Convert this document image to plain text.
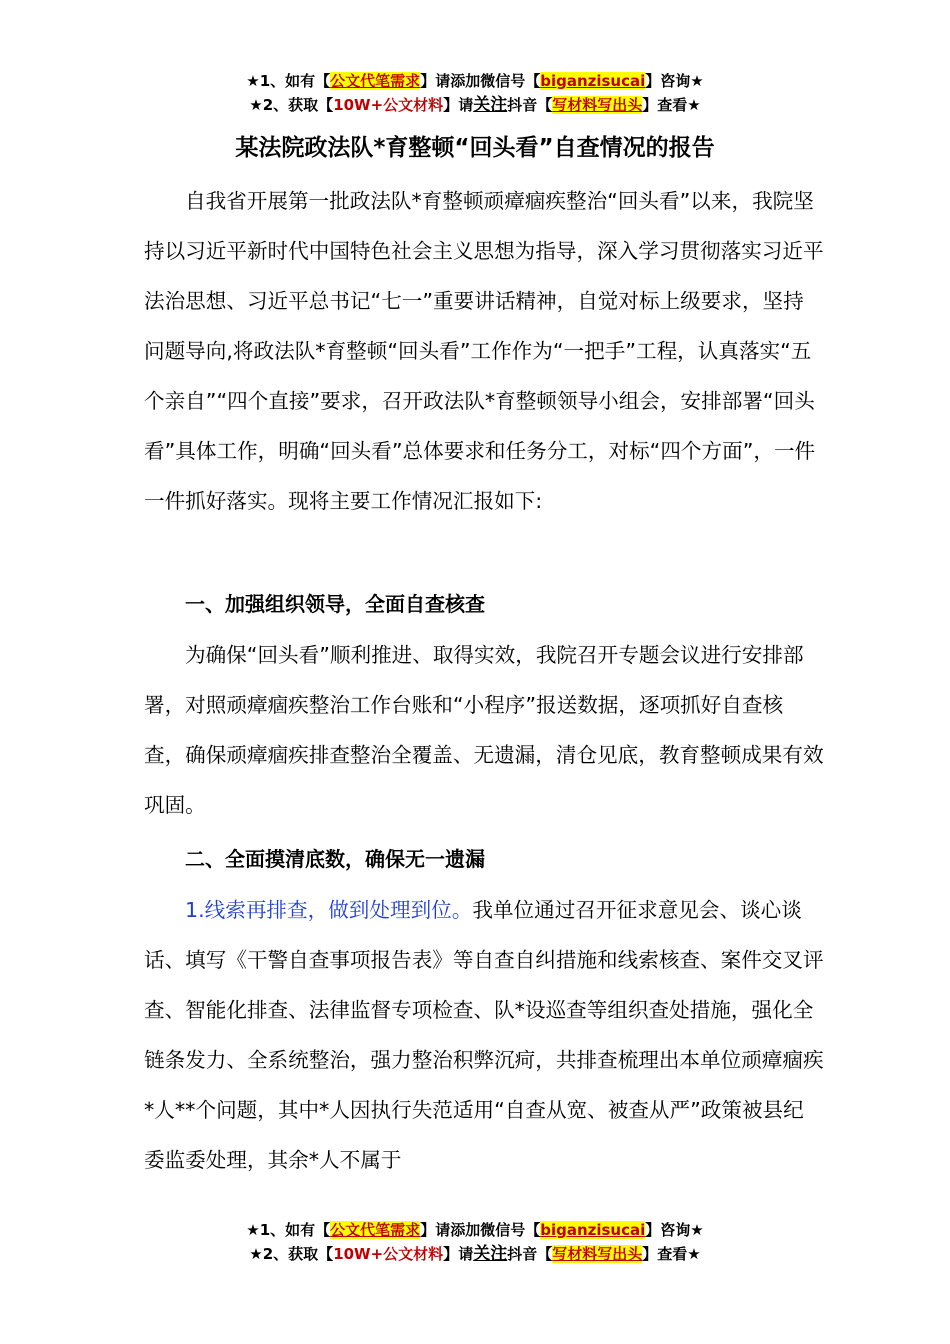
★1、如有【公文代笔需求】请添加微信号【biganzisucai】咨询★
★2、获取【10W+公文材料】请关注抖音【写材料写出头】查看★
某法院政法队*育整顿“回头看”自查情况的报告

自我省开展第一批政法队*育整顿顽瘴痼疾整治“回头看”以来，我院坚持以习近平新时代中国特色社会主义思想为指导，深入学习贯彻落实习近平法治思想、习近平总书记“七一”重要讲话精神，自觉对标上级要求，坚持问题导向,将政法队*育整顿“回头看”工作作为“一把手”工程，认真落实“五个亲自”“四个直接”要求，召开政法队*育整顿领导小组会，安排部署“回头看”具体工作，明确“回头看”总体要求和任务分工，对标“四个方面”，一件一件抓好落实。现将主要工作情况汇报如下:

一、加强组织领导，全面自查核查

为确保“回头看”顺利推进、取得实效，我院召开专题会议进行安排部署，对照顽瘴痼疾整治工作台账和“小程序”报送数据，逐项抓好自查核查，确保顽瘴痼疾排查整治全覆盖、无遗漏，清仓见底，教育整顿成果有效巩固。

二、全面摸清底数，确保无一遗漏

1.线索再排查，做到处理到位。我单位通过召开征求意见会、谈心谈话、填写《干警自查事项报告表》等自查自纠措施和线索核查、案件交叉评查、智能化排查、法律监督专项检查、队*设巡查等组织查处措施，强化全链条发力、全系统整治，强力整治积弊沉疴，共排查梳理出本单位顽瘴痼疾*人**个问题，其中*人因执行失范适用“自查从宽、被查从严”政策被县纪委监委处理，其余*人不属于

★1、如有【公文代笔需求】请添加微信号【biganzisucai】咨询★
★2、获取【10W+公文材料】请关注抖音【写材料写出头】查看★
